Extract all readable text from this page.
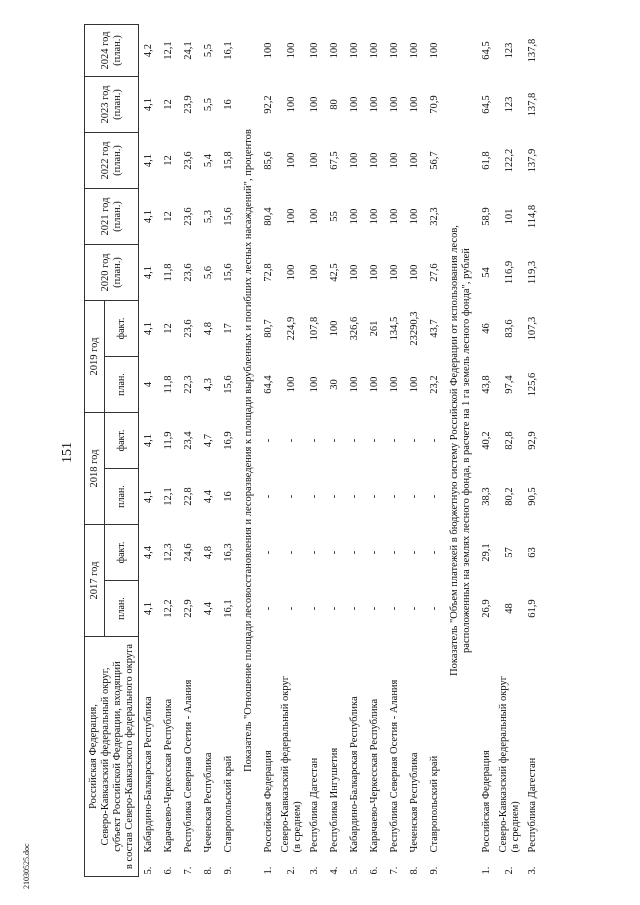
21030525.doc
151
Российская Федерация,
Северо-Кавказский федеральный округ,
субъект Российской Федерации, входящий
в состав Северо-Кавказского федерального округа		2017 год		2018 год		2019 год		2020 год (план.)	2021 год (план.)	2022 год (план.)	2023 год (план.)	2024 год (план.)
		план.	факт.	план.	факт.	план.	факт.					
5.	Кабардино-Балкарская Республика	4,1	4,4	4,1	4,1	4	4,1	4,1	4,1	4,1	4,1	4,2
6.	Карачаево-Черкесская Республика	12,2	12,3	12,1	11,9	11,8	12	11,8	12	12	12	12,1
7.	Республика Северная Осетия - Алания	22,9	24,6	22,8	23,4	22,3	23,6	23,6	23,6	23,6	23,9	24,1
8.	Чеченская Республика	4,4	4,8	4,4	4,7	4,3	4,8	5,6	5,3	5,4	5,5	5,5
9.	Ставропольский край	16,1	16,3	16	16,9	15,6	17	15,6	15,6	15,8	16	16,1

Показатель "Отношение площади лесовосстановления и лесоразведения к площади вырубленных и погибших лесных насаждений", процентов												

1.	Российская Федерация	-	-	-	-	64,4	80,7	72,8	80,4	85,6	92,2	100
2.	Северо-Кавказский федеральный округ (в среднем)	-	-	-	-	100	224,9	100	100	100	100	100
3.	Республика Дагестан	-	-	-	-	100	107,8	100	100	100	100	100
4.	Республика Ингушетия	-	-	-	-	30	100	42,5	55	67,5	80	100
5.	Кабардино-Балкарская Республика	-	-	-	-	100	326,6	100	100	100	100	100
6.	Карачаево-Черкесская Республика	-	-	-	-	100	261	100	100	100	100	100
7.	Республика Северная Осетия - Алания	-	-	-	-	100	134,5	100	100	100	100	100
8.	Чеченская Республика	-	-	-	-	100	23290,3	100	100	100	100	100
9.	Ставропольский край	-	-	-	-	23,2	43,7	27,6	32,3	56,7	70,9	100

Показатель "Объем платежей в бюджетную систему Российской Федерации от использования лесов, расположенных на землях лесного фонда, в расчете на 1 га земель лесного фонда", рублей												

1.	Российская Федерация	26,9	29,1	38,3	40,2	43,8	46	54	58,9	61,8	64,5	64,5
2.	Северо-Кавказский федеральный округ (в среднем)	48	57	80,2	82,8	97,4	83,6	116,9	101	122,2	123	123
3.	Республика Дагестан	61,9	63	90,5	92,9	125,6	107,3	119,3	114,8	137,9	137,8	137,8
